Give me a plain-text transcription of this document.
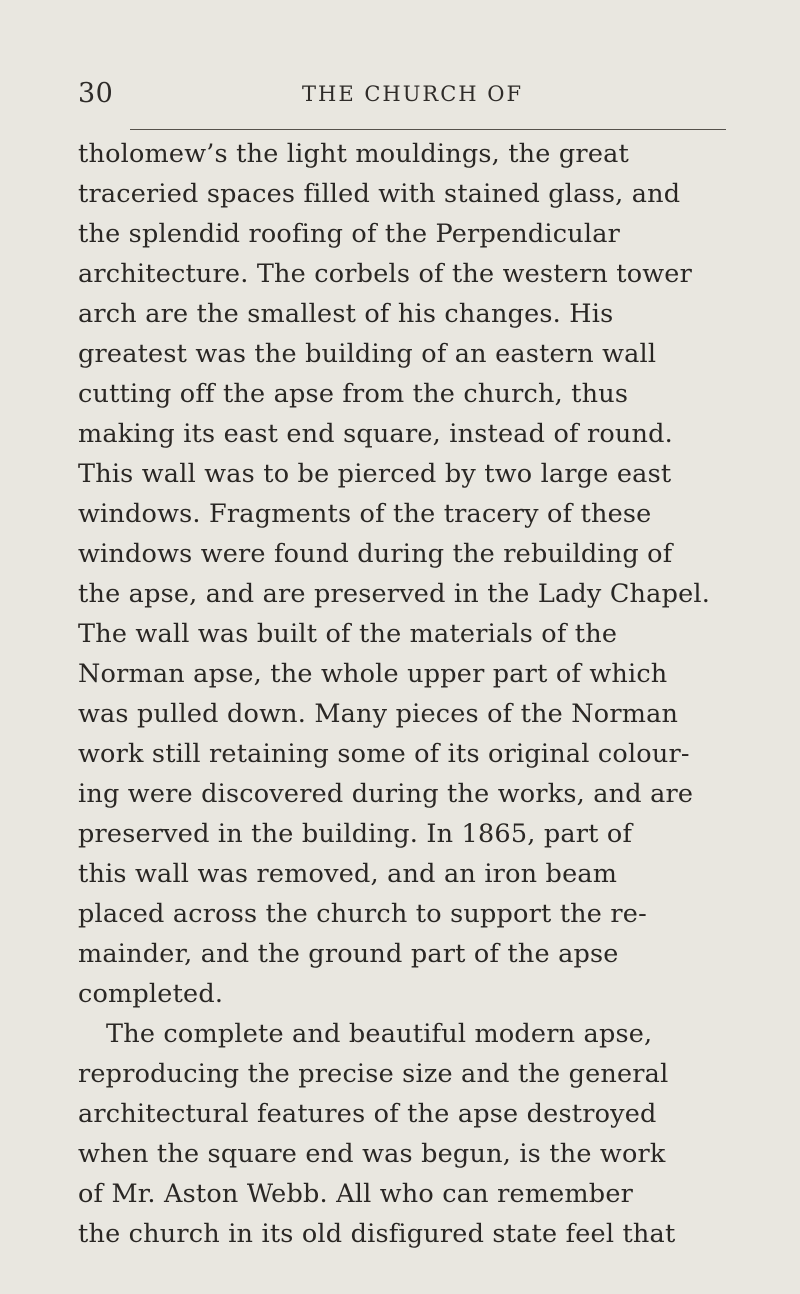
30	THE CHURCH OF
tholomew’s the light mouldings, the great
traceried spaces filled with stained glass, and
the splendid roofing of the Perpendicular
architecture. The corbels of the western tower
arch are the smallest of his changes. His
greatest was the building of an eastern wall
cutting off the apse from the church, thus
making its east end square, instead of round.
This wall was to be pierced by two large east
windows. Fragments of the tracery of these
windows were found during the rebuilding of
the apse, and are preserved in the Lady Chapel.
The wall was built of the materials of the
Norman apse, the whole upper part of which
was pulled down. Many pieces of the Norman
work still retaining some of its original colour-
ing were discovered during the works, and are
preserved in the building. In 1865, part of
this wall was removed, and an iron beam
placed across the church to support the re-
mainder, and the ground part of the apse
completed.
The complete and beautiful modern apse,
reproducing the precise size and the general
architectural features of the apse destroyed
when the square end was begun, is the work
of Mr. Aston Webb. All who can remember
the church in its old disfigured state feel that
